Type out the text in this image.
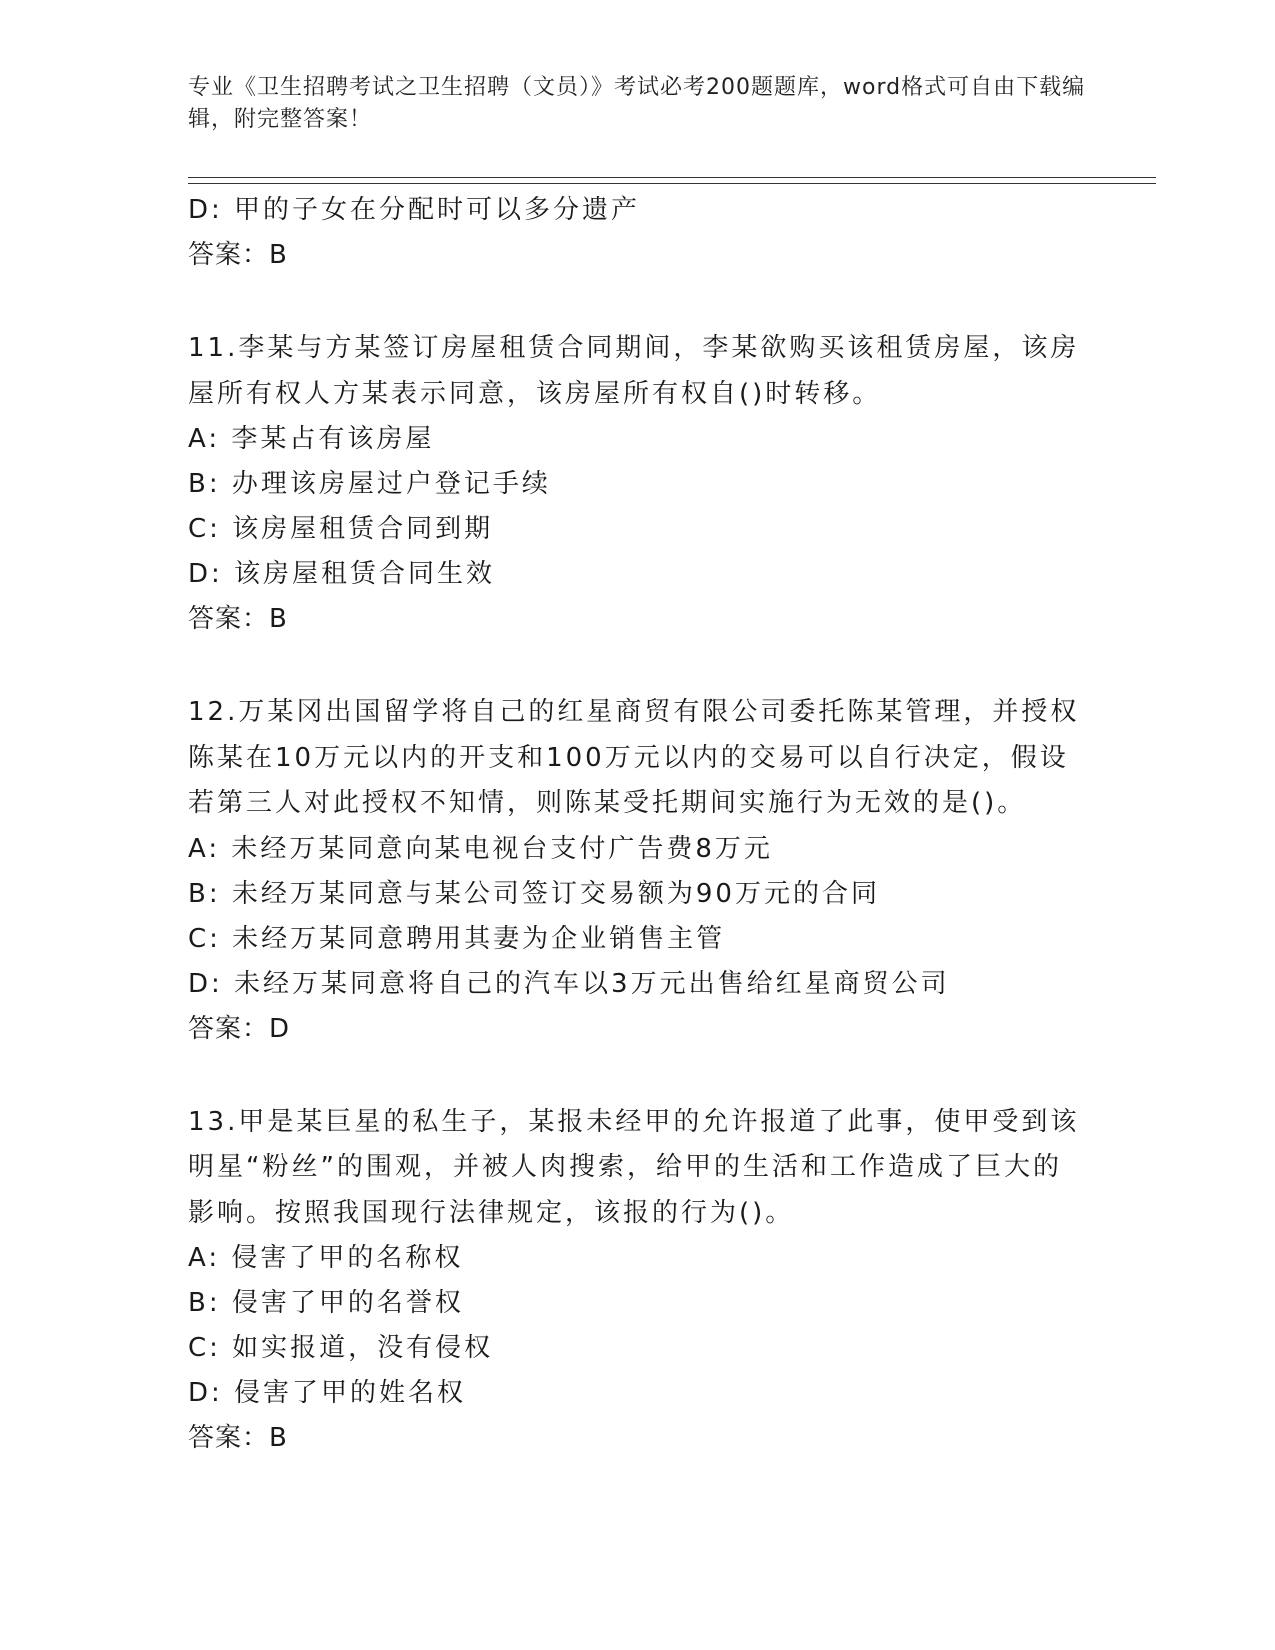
专业《卫生招聘考试之卫生招聘（文员）》考试必考200题题库，word格式可自由下载编辑，附完整答案！
D: 甲的子女在分配时可以多分遗产
答案：B
11.李某与方某签订房屋租赁合同期间，李某欲购买该租赁房屋，该房屋所有权人方某表示同意，该房屋所有权自()时转移。
A: 李某占有该房屋
B: 办理该房屋过户登记手续
C: 该房屋租赁合同到期
D: 该房屋租赁合同生效
答案：B
12.万某冈出国留学将自己的红星商贸有限公司委托陈某管理，并授权陈某在10万元以内的开支和100万元以内的交易可以自行决定，假设若第三人对此授权不知情，则陈某受托期间实施行为无效的是()。
A: 未经万某同意向某电视台支付广告费8万元
B: 未经万某同意与某公司签订交易额为90万元的合同
C: 未经万某同意聘用其妻为企业销售主管
D: 未经万某同意将自己的汽车以3万元出售给红星商贸公司
答案：D
13.甲是某巨星的私生子，某报未经甲的允许报道了此事，使甲受到该明星“粉丝”的围观，并被人肉搜索，给甲的生活和工作造成了巨大的影响。按照我国现行法律规定，该报的行为()。
A: 侵害了甲的名称权
B: 侵害了甲的名誉权
C: 如实报道，没有侵权
D: 侵害了甲的姓名权
答案：B
